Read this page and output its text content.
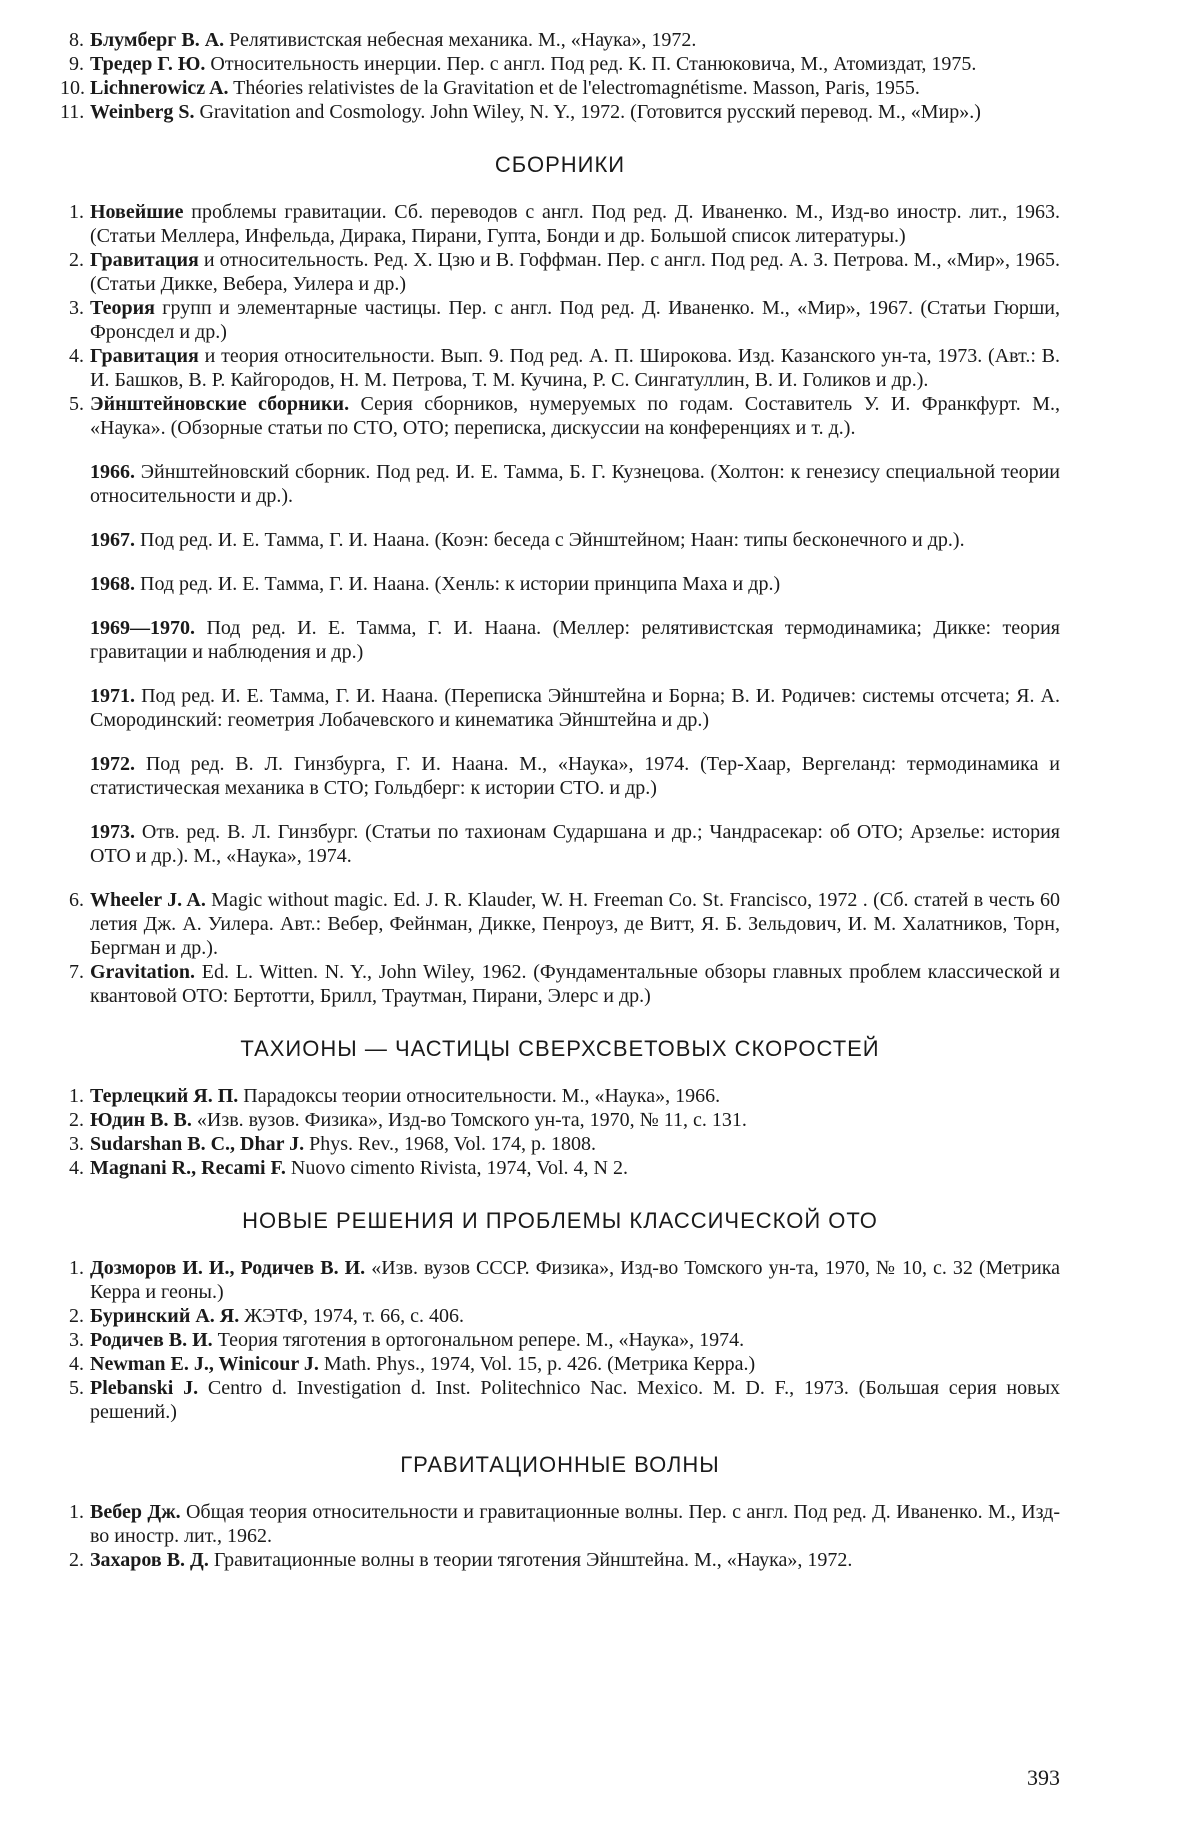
8. Блумберг В. А. Релятивистская небесная механика. М., «Наука», 1972.

9. Тредер Г. Ю. Относительность инерции. Пер. с англ. Под ред. К. П. Станюковича, М., Атомиздат, 1975.

10. Lichnerowicz A. Théories relativistes de la Gravitation et de l'electromagnétisme. Masson, Paris, 1955.

11. Weinberg S. Gravitation and Cosmology. John Wiley, N. Y., 1972. (Готовится русский перевод. М., «Мир».)

СБОРНИКИ

1. Новейшие проблемы гравитации. Сб. переводов с англ. Под ред. Д. Иваненко. М., Изд-во иностр. лит., 1963. (Статьи Меллера, Инфельда, Дирака, Пирани, Гупта, Бонди и др. Большой список литературы.)

2. Гравитация и относительность. Ред. Х. Цзю и В. Гоффман. Пер. с англ. Под ред. А. З. Петрова. М., «Мир», 1965. (Статьи Дикке, Вебера, Уилера и др.)

3. Теория групп и элементарные частицы. Пер. с англ. Под ред. Д. Иваненко. М., «Мир», 1967. (Статьи Гюрши, Фронсдел и др.)

4. Гравитация и теория относительности. Вып. 9. Под ред. А. П. Широкова. Изд. Казанского ун-та, 1973. (Авт.: В. И. Башков, В. Р. Кайгородов, Н. М. Петрова, Т. М. Кучина, Р. С. Сингатуллин, В. И. Голиков и др.).

5. Эйнштейновские сборники. Серия сборников, нумеруемых по годам. Составитель У. И. Франкфурт. М., «Наука». (Обзорные статьи по СТО, ОТО; переписка, дискуссии на конференциях и т. д.).

1966. Эйнштейновский сборник. Под ред. И. Е. Тамма, Б. Г. Кузнецова. (Холтон: к генезису специальной теории относительности и др.).

1967. Под ред. И. Е. Тамма, Г. И. Наана. (Коэн: беседа с Эйнштейном; Наан: типы бесконечного и др.).

1968. Под ред. И. Е. Тамма, Г. И. Наана. (Хенль: к истории принципа Маха и др.)

1969—1970. Под ред. И. Е. Тамма, Г. И. Наана. (Меллер: релятивистская термодинамика; Дикке: теория гравитации и наблюдения и др.)

1971. Под ред. И. Е. Тамма, Г. И. Наана. (Переписка Эйнштейна и Борна; В. И. Родичев: системы отсчета; Я. А. Смородинский: геометрия Лобачевского и кинематика Эйнштейна и др.)

1972. Под ред. В. Л. Гинзбурга, Г. И. Наана. М., «Наука», 1974. (Тер-Хаар, Вергеланд: термодинамика и статистическая механика в СТО; Гольдберг: к истории СТО. и др.)

1973. Отв. ред. В. Л. Гинзбург. (Статьи по тахионам Сударшана и др.; Чандрасекар: об ОТО; Арзелье: история ОТО и др.). М., «Наука», 1974.

6. Wheeler J. A. Magic without magic. Ed. J. R. Klauder, W. H. Freeman Co. St. Francisco, 1972 . (Сб. статей в честь 60 летия Дж. А. Уилера. Авт.: Вебер, Фейнман, Дикке, Пенроуз, де Витт, Я. Б. Зельдович, И. М. Халатников, Торн, Бергман и др.).

7. Gravitation. Ed. L. Witten. N. Y., John Wiley, 1962. (Фундаментальные обзоры главных проблем классической и квантовой ОТО: Бертотти, Брилл, Траутман, Пирани, Элерс и др.)

ТАХИОНЫ — ЧАСТИЦЫ СВЕРХСВЕТОВЫХ СКОРОСТЕЙ

1. Терлецкий Я. П. Парадоксы теории относительности. М., «Наука», 1966.

2. Юдин В. В. «Изв. вузов. Физика», Изд-во Томского ун-та, 1970, № 11, с. 131.

3. Sudarshan B. C., Dhar J. Phys. Rev., 1968, Vol. 174, p. 1808.

4. Magnani R., Recami F. Nuovo cimento Rivista, 1974, Vol. 4, N 2.

НОВЫЕ РЕШЕНИЯ И ПРОБЛЕМЫ КЛАССИЧЕСКОЙ ОТО

1. Дозморов И. И., Родичев В. И. «Изв. вузов СССР. Физика», Изд-во Томского ун-та, 1970, № 10, с. 32 (Метрика Керра и геоны.)

2. Буринский А. Я. ЖЭТФ, 1974, т. 66, с. 406.

3. Родичев В. И. Теория тяготения в ортогональном репере. М., «Наука», 1974.

4. Newman E. J., Winicour J. Math. Phys., 1974, Vol. 15, p. 426. (Метрика Керра.)

5. Plebanski J. Centro d. Investigation d. Inst. Politechnico Nac. Mexico. M. D. F., 1973. (Большая серия новых решений.)

ГРАВИТАЦИОННЫЕ ВОЛНЫ

1. Вебер Дж. Общая теория относительности и гравитационные волны. Пер. с англ. Под ред. Д. Иваненко. М., Изд-во иностр. лит., 1962.

2. Захаров В. Д. Гравитационные волны в теории тяготения Эйнштейна. М., «Наука», 1972.

393
